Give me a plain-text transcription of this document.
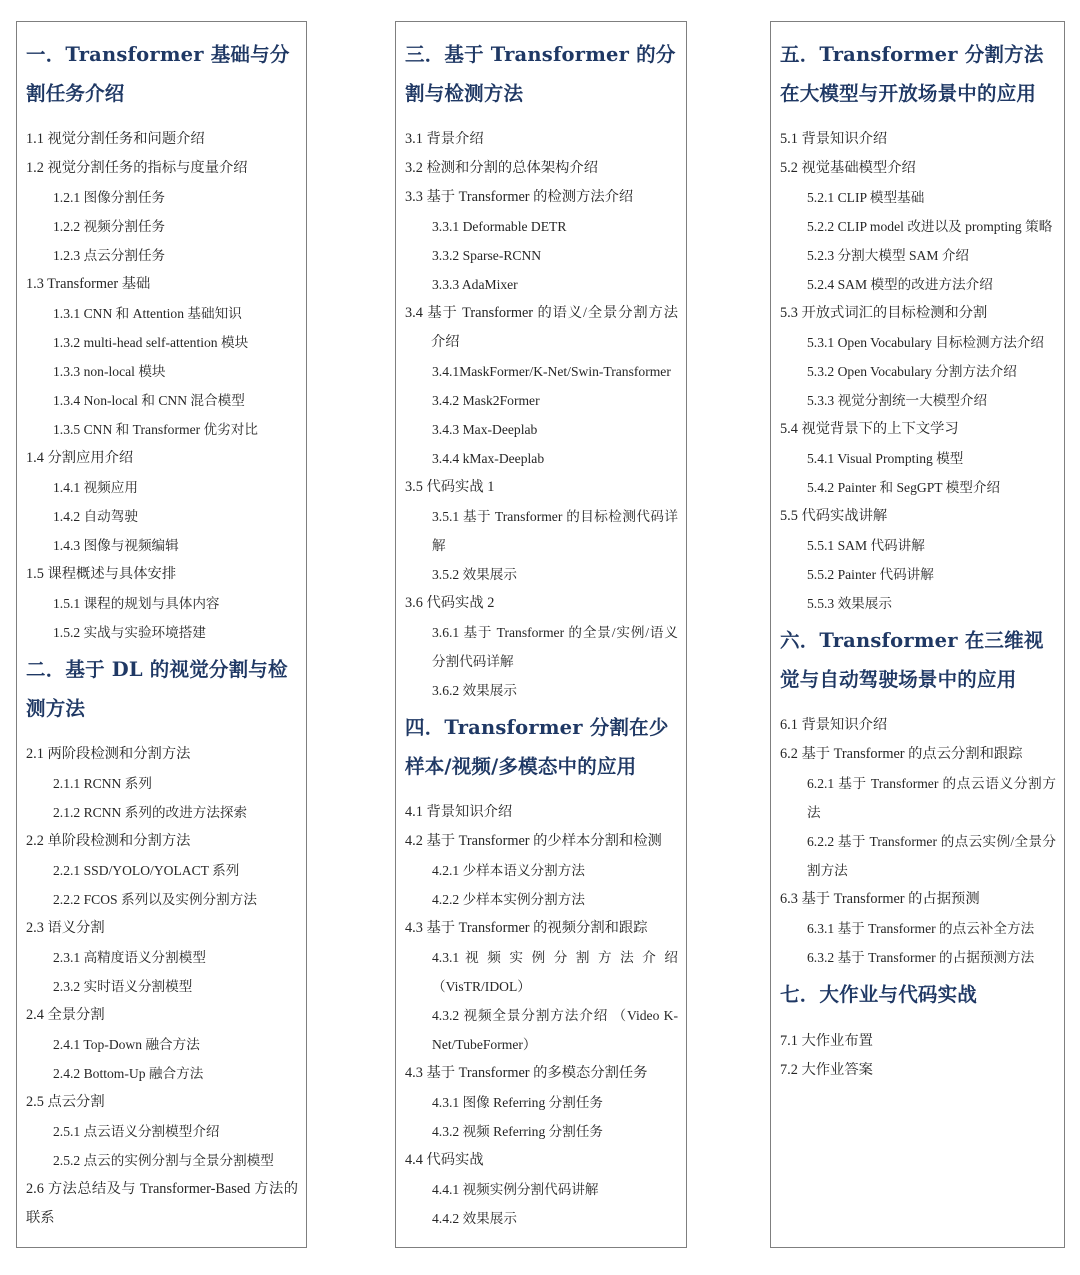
一．Transformer 基础与分割任务介绍
1.1 视觉分割任务和问题介绍
1.2 视觉分割任务的指标与度量介绍
1.2.1 图像分割任务
1.2.2 视频分割任务
1.2.3 点云分割任务
1.3 Transformer 基础
1.3.1 CNN 和 Attention 基础知识
1.3.2 multi-head self-attention 模块
1.3.3 non-local 模块
1.3.4 Non-local 和 CNN 混合模型
1.3.5 CNN 和 Transformer 优劣对比
1.4 分割应用介绍
1.4.1 视频应用
1.4.2 自动驾驶
1.4.3 图像与视频编辑
1.5 课程概述与具体安排
1.5.1 课程的规划与具体内容
1.5.2 实战与实验环境搭建
二．基于 DL 的视觉分割与检测方法
2.1 两阶段检测和分割方法
2.1.1 RCNN 系列
2.1.2 RCNN 系列的改进方法探索
2.2 单阶段检测和分割方法
2.2.1 SSD/YOLO/YOLACT 系列
2.2.2 FCOS 系列以及实例分割方法
2.3 语义分割
2.3.1 高精度语义分割模型
2.3.2 实时语义分割模型
2.4 全景分割
2.4.1 Top-Down 融合方法
2.4.2 Bottom-Up 融合方法
2.5 点云分割
2.5.1 点云语义分割模型介绍
2.5.2 点云的实例分割与全景分割模型
2.6 方法总结及与 Transformer-Based 方法的联系
三．基于 Transformer 的分割与检测方法
3.1 背景介绍
3.2 检测和分割的总体架构介绍
3.3 基于 Transformer 的检测方法介绍
3.3.1 Deformable DETR
3.3.2 Sparse-RCNN
3.3.3 AdaMixer
3.4 基于 Transformer 的语义/全景分割方法介绍
3.4.1MaskFormer/K-Net/Swin-Transformer
3.4.2 Mask2Former
3.4.3 Max-Deeplab
3.4.4 kMax-Deeplab
3.5 代码实战 1
3.5.1 基于 Transformer 的目标检测代码详解
3.5.2 效果展示
3.6 代码实战 2
3.6.1 基于 Transformer 的全景/实例/语义分割代码详解
3.6.2 效果展示
四．Transformer 分割在少样本/视频/多模态中的应用
4.1 背景知识介绍
4.2 基于 Transformer 的少样本分割和检测
4.2.1 少样本语义分割方法
4.2.2 少样本实例分割方法
4.3 基于 Transformer 的视频分割和跟踪
4.3.1 视 频 实 例 分 割 方 法 介 绍（VisTR/IDOL）
4.3.2 视频全景分割方法介绍 （Video K-Net/TubeFormer）
4.3 基于 Transformer 的多模态分割任务
4.3.1 图像 Referring 分割任务
4.3.2 视频 Referring 分割任务
4.4 代码实战
4.4.1 视频实例分割代码讲解
4.4.2 效果展示
五．Transformer 分割方法在大模型与开放场景中的应用
5.1 背景知识介绍
5.2 视觉基础模型介绍
5.2.1 CLIP 模型基础
5.2.2 CLIP model 改进以及 prompting 策略
5.2.3 分割大模型 SAM 介绍
5.2.4 SAM 模型的改进方法介绍
5.3 开放式词汇的目标检测和分割
5.3.1 Open Vocabulary 目标检测方法介绍
5.3.2 Open Vocabulary 分割方法介绍
5.3.3 视觉分割统一大模型介绍
5.4 视觉背景下的上下文学习
5.4.1 Visual Prompting 模型
5.4.2 Painter 和 SegGPT 模型介绍
5.5 代码实战讲解
5.5.1 SAM 代码讲解
5.5.2 Painter 代码讲解
5.5.3 效果展示
六．Transformer 在三维视觉与自动驾驶场景中的应用
6.1 背景知识介绍
6.2 基于 Transformer 的点云分割和跟踪
6.2.1 基于 Transformer 的点云语义分割方法
6.2.2 基于 Transformer 的点云实例/全景分割方法
6.3 基于 Transformer 的占据预测
6.3.1 基于 Transformer 的点云补全方法
6.3.2 基于 Transformer 的占据预测方法
七．大作业与代码实战
7.1 大作业布置
7.2 大作业答案
